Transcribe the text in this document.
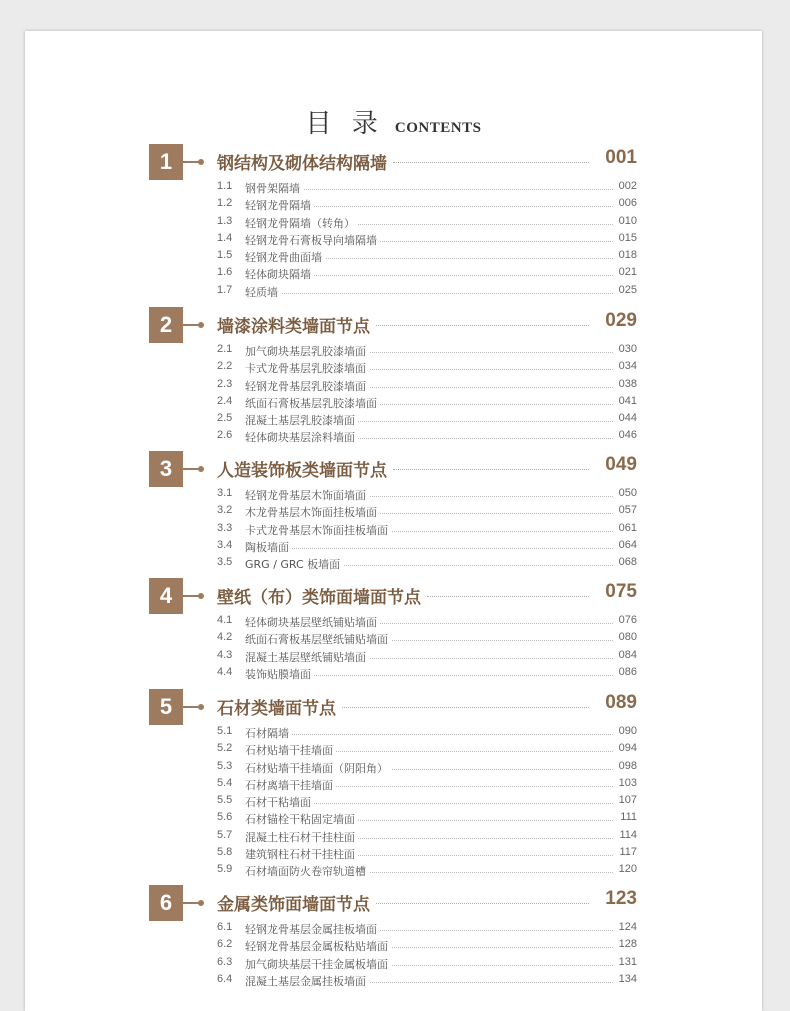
目 录 CONTENTS
1	钢结构及砌体结构隔墙	001
1.1 钢骨架隔墙	002
1.2 轻钢龙骨隔墙	006
1.3 轻钢龙骨隔墙（转角）	010
1.4 轻钢龙骨石膏板导向墙隔墙	015
1.5 轻钢龙骨曲面墙	018
1.6 轻体砌块隔墙	021
1.7 轻质墙	025
2	墙漆涂料类墙面节点	029
2.1 加气砌块基层乳胶漆墙面	030
2.2 卡式龙骨基层乳胶漆墙面	034
2.3 轻钢龙骨基层乳胶漆墙面	038
2.4 纸面石膏板基层乳胶漆墙面	041
2.5 混凝土基层乳胶漆墙面	044
2.6 轻体砌块基层涂料墙面	046
3	人造装饰板类墙面节点	049
3.1 轻钢龙骨基层木饰面墙面	050
3.2 木龙骨基层木饰面挂板墙面	057
3.3 卡式龙骨基层木饰面挂板墙面	061
3.4 陶板墙面	064
3.5 GRG / GRC 板墙面	068
4	壁纸（布）类饰面墙面节点	075
4.1 轻体砌块基层壁纸铺贴墙面	076
4.2 纸面石膏板基层壁纸铺贴墙面	080
4.3 混凝土基层壁纸铺贴墙面	084
4.4 装饰贴膜墙面	086
5	石材类墙面节点	089
5.1 石材隔墙	090
5.2 石材贴墙干挂墙面	094
5.3 石材贴墙干挂墙面（阴阳角）	098
5.4 石材离墙干挂墙面	103
5.5 石材干粘墙面	107
5.6 石材锚栓干粘固定墙面	111
5.7 混凝土柱石材干挂柱面	114
5.8 建筑钢柱石材干挂柱面	117
5.9 石材墙面防火卷帘轨道槽	120
6	金属类饰面墙面节点	123
6.1 轻钢龙骨基层金属挂板墙面	124
6.2 轻钢龙骨基层金属板粘贴墙面	128
6.3 加气砌块基层干挂金属板墙面	131
6.4 混凝土基层金属挂板墙面	134
